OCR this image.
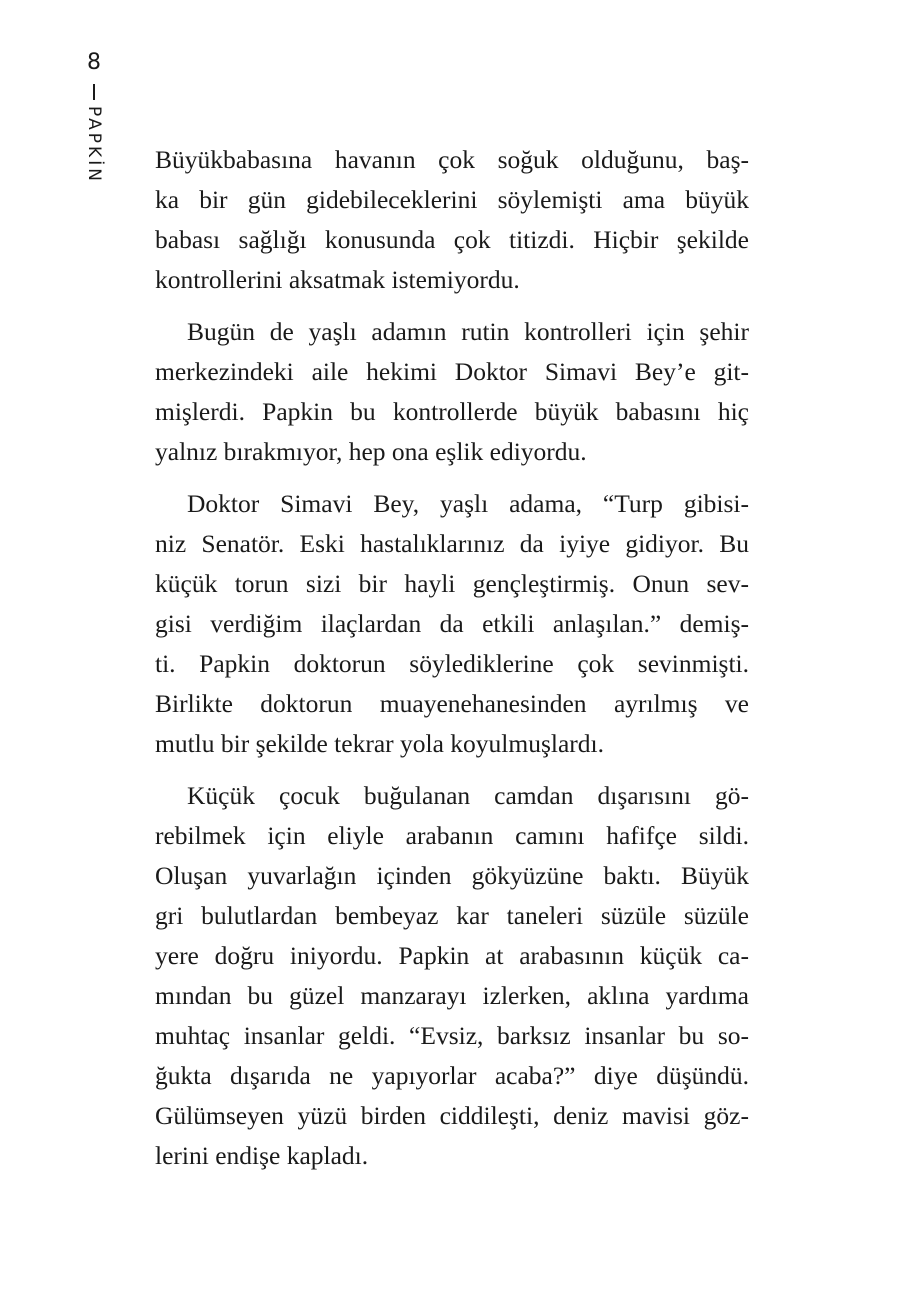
8
PAPKİN Büyükbabasına havanın çok soğuk olduğunu, baş-
ka bir gün gidebileceklerini söylemişti ama büyük
babası sağlığı konusunda çok titizdi. Hiçbir şekilde
kontrollerini aksatmak istemiyordu.
Bugün de yaşlı adamın rutin kontrolleri için şehir
merkezindeki aile hekimi Doktor Simavi Bey’e git-
mişlerdi. Papkin bu kontrollerde büyük babasını hiç
yalnız bırakmıyor, hep ona eşlik ediyordu.
Doktor Simavi Bey, yaşlı adama, “Turp gibisi-
niz Senatör. Eski hastalıklarınız da iyiye gidiyor. Bu
küçük torun sizi bir hayli gençleştirmiş. Onun sev-
gisi verdiğim ilaçlardan da etkili anlaşılan.” demiş-
ti. Papkin doktorun söylediklerine çok sevinmişti.
Birlikte doktorun muayenehanesinden ayrılmış ve
mutlu bir şekilde tekrar yola koyulmuşlardı.
Küçük çocuk buğulanan camdan dışarısını gö-
rebilmek için eliyle arabanın camını hafifçe sildi.
Oluşan yuvarlağın içinden gökyüzüne baktı. Büyük
gri bulutlardan bembeyaz kar taneleri süzüle süzüle
yere doğru iniyordu. Papkin at arabasının küçük ca-
mından bu güzel manzarayı izlerken, aklına yardıma
muhtaç insanlar geldi. “Evsiz, barksız insanlar bu so-
ğukta dışarıda ne yapıyorlar acaba?” diye düşündü.
Gülümseyen yüzü birden ciddileşti, deniz mavisi göz-
lerini endişe kapladı.
